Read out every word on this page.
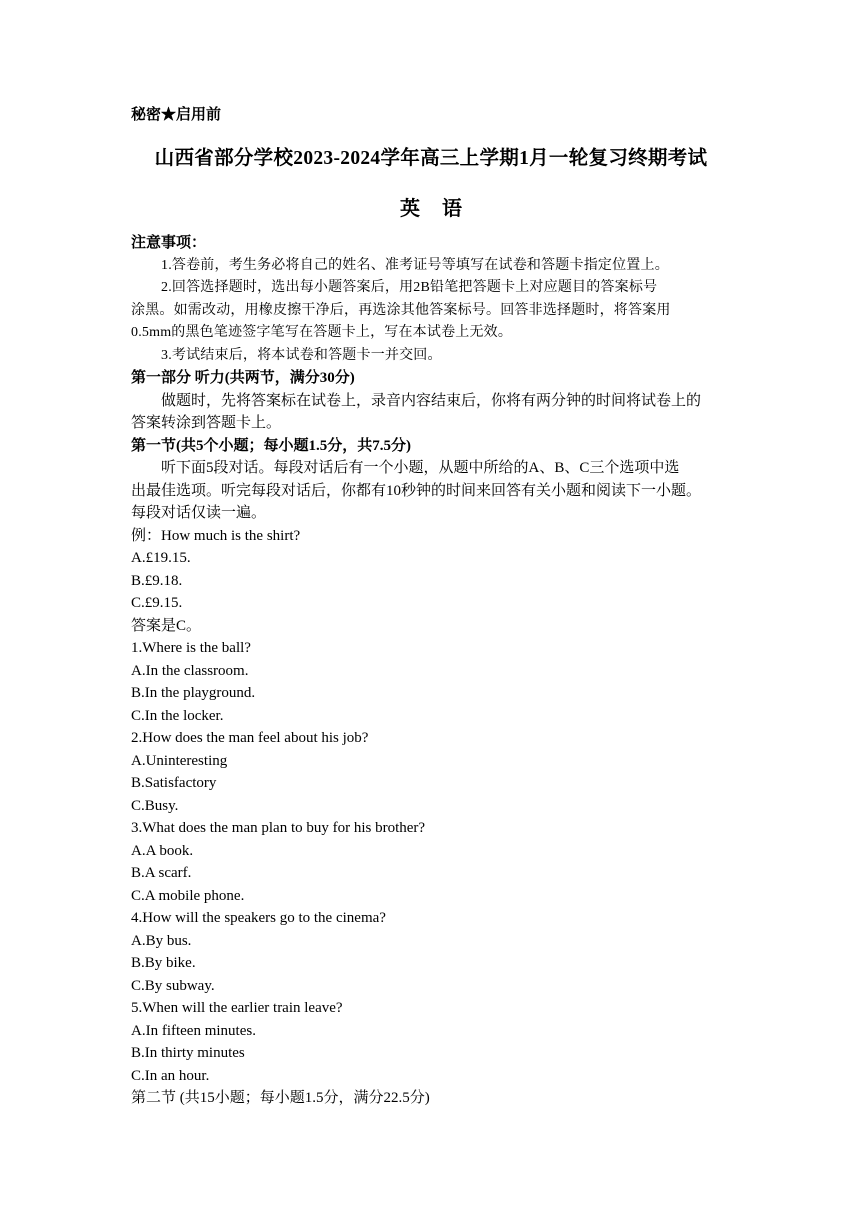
秘密★启用前
山西省部分学校2023-2024学年高三上学期1月一轮复习终期考试
英语
注意事项：
1.答卷前，考生务必将自己的姓名、准考证号等填写在试卷和答题卡指定位置上。
2.回答选择题时，选出每小题答案后，用2B铅笔把答题卡上对应题目的答案标号
涂黑。如需改动，用橡皮擦干净后，再选涂其他答案标号。回答非选择题时，将答案用
0.5mm的黑色笔迹签字笔写在答题卡上，写在本试卷上无效。
3.考试结束后，将本试卷和答题卡一并交回。
第一部分 听力(共两节，满分30分)
做题时，先将答案标在试卷上，录音内容结束后，你将有两分钟的时间将试卷上的
答案转涂到答题卡上。
第一节(共5个小题；每小题1.5分，共7.5分)
听下面5段对话。每段对话后有一个小题，从题中所给的A、B、C三个选项中选
出最佳选项。听完每段对话后，你都有10秒钟的时间来回答有关小题和阅读下一小题。
每段对话仅读一遍。
例：How much is the shirt?
A.£19.15.
B.£9.18.
C.£9.15.
答案是C。
1.Where is the ball?
A.In the classroom.
B.In the playground.
C.In the locker.
2.How does the man feel about his job?
A.Uninteresting
B.Satisfactory
C.Busy.
3.What does the man plan to buy for his brother?
A.A book.
B.A scarf.
C.A mobile phone.
4.How will the speakers go to the cinema?
A.By bus.
B.By bike.
C.By subway.
5.When will the earlier train leave?
A.In fifteen minutes.
B.In thirty minutes
C.In an hour.
第二节 (共15小题；每小题1.5分，满分22.5分)
